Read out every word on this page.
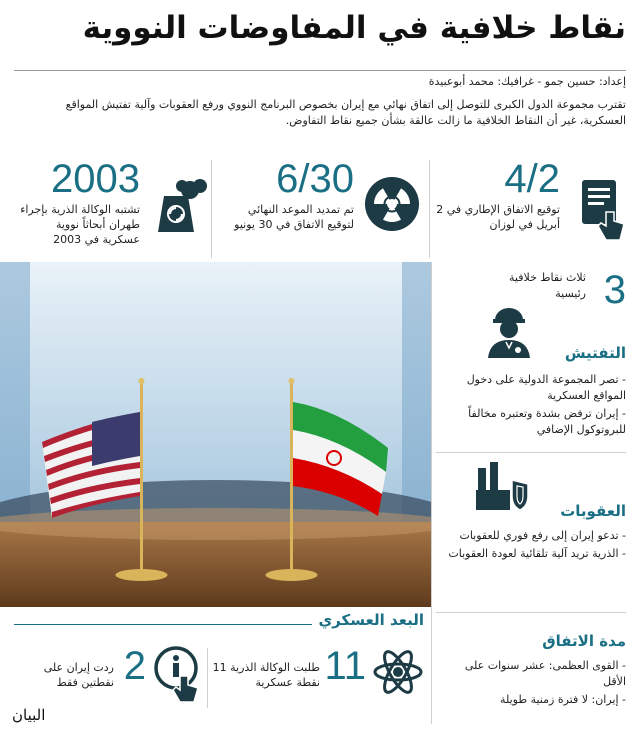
نقاط خلافية في المفاوضات النووية
إعداد: حسين جمو - غرافيك: محمد أبوعبيدة
تقترب مجموعة الدول الكبرى للتوصل إلى اتفاق نهائي مع إيران بخصوص البرنامج النووي ورفع العقوبات وآلية تفتيش المواقع العسكرية، غير أن النقاط الخلافية ما زالت عالقة بشأن جميع نقاط التفاوض.
4/2
توقيع الاتفاق الإطاري في 2 أبريل في لوزان
6/30
تم تمديد الموعد النهائي لتوقيع الاتفاق في 30 يونيو
2003
تشتبه الوكالة الذرية بإجراء طهران أبحاثاً نووية عسكرية في 2003
3
ثلاث نقاط خلافية رئيسية
التفتيش
- تصر المجموعة الدولية على دخول المواقع العسكرية
- إيران ترفض بشدة وتعتبره مخالفاً للبروتوكول الإضافي
العقوبات
- تدعو إيران إلى رفع فوري للعقوبات
- الذرية تريد آلية تلقائية لعودة العقوبات
مدة الاتفاق
- القوى العظمى: عشر سنوات على الأقل
- إيران: لا فترة زمنية طويلة
البعد العسكري
11
طلبت الوكالة الذرية 11 نقطة عسكرية
2
ردت إيران على نقطتين فقط
البيان
